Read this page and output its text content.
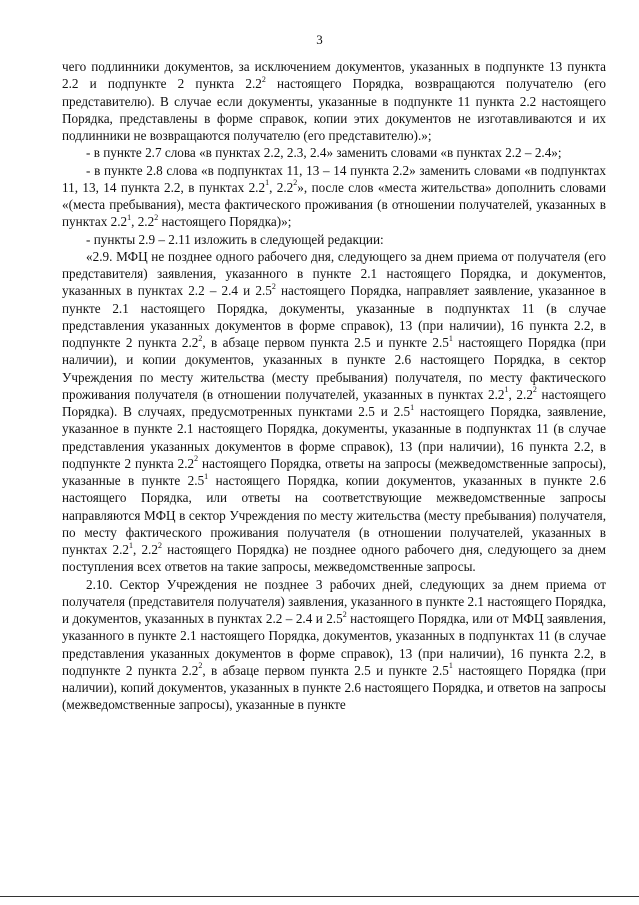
3

чего подлинники документов, за исключением документов, указанных в подпункте 13 пункта 2.2 и подпункте 2 пункта $2.2^2$ настоящего Порядка, возвращаются получателю (его представителю). В случае если документы, указанные в подпункте 11 пункта 2.2 настоящего Порядка, представлены в форме справок, копии этих документов не изготавливаются и их подлинники не возвращаются получателю (его представителю).»;

- в пункте 2.7 слова «в пунктах 2.2, 2.3, 2.4» заменить словами «в пунктах 2.2 – 2.4»;

- в пункте 2.8 слова «в подпунктах 11, 13 – 14 пункта 2.2» заменить словами «в подпунктах 11, 13, 14 пункта 2.2, в пунктах $2.2^1$, $2.2^2$», после слов «места жительства» дополнить словами «(места пребывания), места фактического проживания (в отношении получателей, указанных в пунктах $2.2^1$, $2.2^2$ настоящего Порядка)»;

- пункты 2.9 – 2.11 изложить в следующей редакции:

«2.9. МФЦ не позднее одного рабочего дня, следующего за днем приема от получателя (его представителя) заявления, указанного в пункте 2.1 настоящего Порядка, и документов, указанных в пунктах 2.2 – 2.4 и $2.5^2$ настоящего Порядка, направляет заявление, указанное в пункте 2.1 настоящего Порядка, документы, указанные в подпунктах 11 (в случае представления указанных документов в форме справок), 13 (при наличии), 16 пункта 2.2, в подпункте 2 пункта $2.2^2$, в абзаце первом пункта 2.5 и пункте $2.5^1$ настоящего Порядка (при наличии), и копии документов, указанных в пункте 2.6 настоящего Порядка, в сектор Учреждения по месту жительства (месту пребывания) получателя, по месту фактического проживания получателя (в отношении получателей, указанных в пунктах $2.2^1$, $2.2^2$ настоящего Порядка). В случаях, предусмотренных пунктами 2.5 и $2.5^1$ настоящего Порядка, заявление, указанное в пункте 2.1 настоящего Порядка, документы, указанные в подпунктах 11 (в случае представления указанных документов в форме справок), 13 (при наличии), 16 пункта 2.2, в подпункте 2 пункта $2.2^2$ настоящего Порядка, ответы на запросы (межведомственные запросы), указанные в пункте $2.5^1$ настоящего Порядка, копии документов, указанных в пункте 2.6 настоящего Порядка, или ответы на соответствующие межведомственные запросы направляются МФЦ в сектор Учреждения по месту жительства (месту пребывания) получателя, по месту фактического проживания получателя (в отношении получателей, указанных в пунктах $2.2^1$, $2.2^2$ настоящего Порядка) не позднее одного рабочего дня, следующего за днем поступления всех ответов на такие запросы, межведомственные запросы.

2.10. Сектор Учреждения не позднее 3 рабочих дней, следующих за днем приема от получателя (представителя получателя) заявления, указанного в пункте 2.1 настоящего Порядка, и документов, указанных в пунктах 2.2 – 2.4 и $2.5^2$ настоящего Порядка, или от МФЦ заявления, указанного в пункте 2.1 настоящего Порядка, документов, указанных в подпунктах 11 (в случае представления указанных документов в форме справок), 13 (при наличии), 16 пункта 2.2, в подпункте 2 пункта $2.2^2$, в абзаце первом пункта 2.5 и пункте $2.5^1$ настоящего Порядка (при наличии), копий документов, указанных в пункте 2.6 настоящего Порядка, и ответов на запросы (межведомственные запросы), указанные в пункте
